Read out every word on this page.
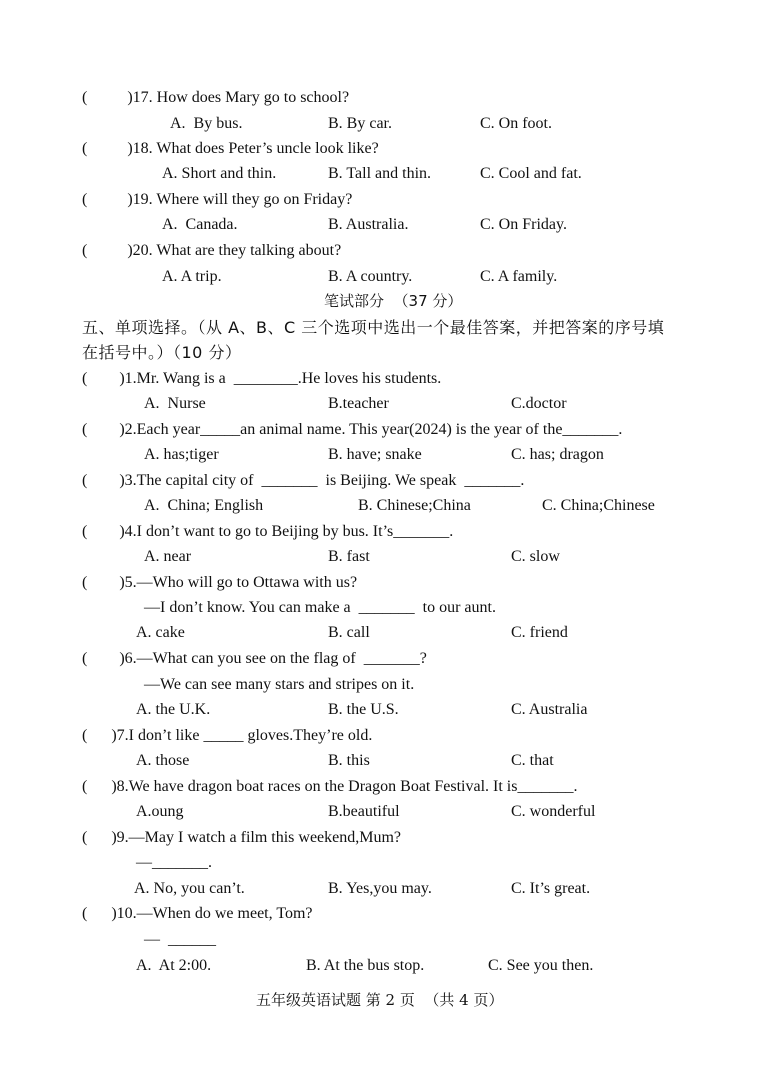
(          )17. How does Mary go to school?
A.  By bus.	B. By car.	C. On foot.
(          )18. What does Peter’s uncle look like?
A. Short and thin.	B. Tall and thin.	C. Cool and fat.
(          )19. Where will they go on Friday?
A.  Canada.	B. Australia.	C. On Friday.
(          )20. What are they talking about?
A. A trip.	B. A country.	C. A family.
笔试部分  （37 分）
五、单项选择。（从 A、B、C 三个选项中选出一个最佳答案，并把答案的序号填
在括号中。）（10 分）
(        )1.Mr. Wang is a  ________.He loves his students.
A.  Nurse	B.teacher	C.doctor
(        )2.Each year_____an animal name. This year(2024) is the year of the_______.
A. has;tiger	B. have; snake	C. has; dragon
(        )3.The capital city of  _______  is Beijing. We speak  _______.
A.  China; English	B. Chinese;China	C. China;Chinese
(        )4.I don’t want to go to Beijing by bus. It’s_______.
A. near	B. fast	C. slow
(        )5.—Who will go to Ottawa with us?
—I don’t know. You can make a  _______  to our aunt.
A. cake	B. call	C. friend
(        )6.—What can you see on the flag of  _______?
—We can see many stars and stripes on it.
A. the U.K.	B. the U.S.	C. Australia
(      )7.I don’t like _____ gloves.They’re old.
A. those	B. this	C. that
(      )8.We have dragon boat races on the Dragon Boat Festival. It is_______.
A.oung	B.beautiful	C. wonderful
(      )9.—May I watch a film this weekend,Mum?
—_______.
A. No, you can’t.	B. Yes,you may.	C. It’s great.
(      )10.—When do we meet, Tom?
—  ______
A.  At 2:00.	B. At the bus stop.	C. See you then.
五年级英语试题 第 2 页  （共 4 页）
